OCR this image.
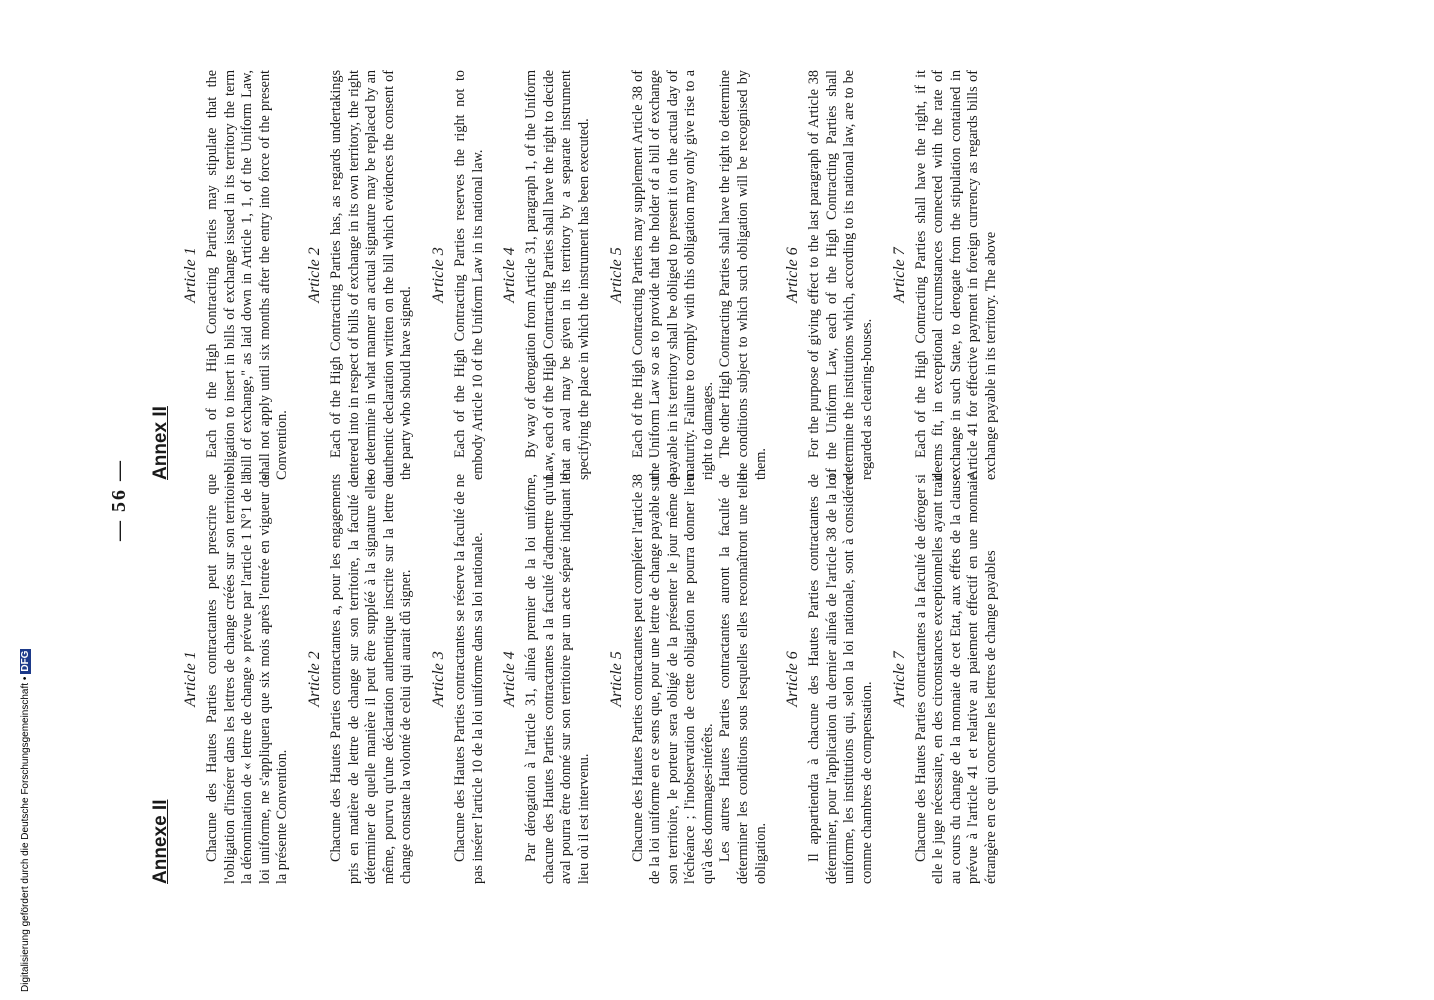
Digitalisierung gefördert durch die Deutsche Forschungsgemeinschaft •DFG
— 56 —
Annexe II
Article 1 Chacune des Hautes Parties contractantes peut prescrire que l'obligation d'insérer dans les lettres de change créées sur son territoire la dénomination de « lettre de change » prévue par l'article 1 N°1 de la loi uniforme, ne s'appliquera que six mois après l'entrée en vigueur de la présente Convention.

Article 2 Chacune des Hautes Parties contractantes a, pour les engagements pris en matière de lettre de change sur son territoire, la faculté de déterminer de quelle manière il peut être suppléé à la signature elle-même, pourvu qu'une déclaration authentique inscrite sur la lettre de change constate la volonté de celui qui aurait dû signer. Article 3 Chacune des Hautes Parties contractantes se réserve la faculté de ne pas insérer l'article 10 de la loi uniforme dans sa loi nationale. Article 4 Par dérogation à l'article 31, alinéa premier de la loi uniforme, chacune des Hautes Parties contractantes a la faculté d'admettre qu'un aval pourra être donné sur son territoire par un acte séparé indiquant le lieu où il est intervenu.

Article 5 Chacune des Hautes Parties contractantes peut compléter l'article 38 de la loi uniforme en ce sens que, pour une lettre de change payable sur son territoire, le porteur sera obligé de la présenter le jour même de l'échéance ; l'inobservation de cette obligation ne pourra donner lieu qu'à des dommages-intérêts. Les autres Hautes Parties contractantes auront la faculté de déterminer les conditions sous lesquelles elles reconnaîtront une telle obligation.

Article 6 Il appartiendra à chacune des Hautes Parties contractantes de déterminer, pour l'application du dernier alinéa de l'article 38 de la loi uniforme, les institutions qui, selon la loi nationale, sont à considérer comme chambres de compensation.

Article 7 Chacune des Hautes Parties contractantes a la faculté de déroger si elle le juge nécessaire, en des circonstances exceptionnelles ayant trait au cours du change de la monnaie de cet Etat, aux effets de la clause prévue à l'article 41 et relative au paiement effectif en une monnaie étrangère en ce qui concerne les lettres de change payables

Annex II
Article 1 Each of the High Contracting Parties may stipulate that the obligation to insert in bills of exchange issued in its territory the term "bill of exchange," as laid down in Article 1, 1, of the Uniform Law, shall not apply until six months after the entry into force of the present Convention.

Article 2 Each of the High Contracting Parties has, as regards undertakings entered into in respect of bills of exchange in its own territory, the right to determine in what manner an actual signature may be replaced by an authentic declaration written on the bill which evidences the consent of the party who should have signed.

Article 3 Each of the High Contracting Parties reserves the right not to embody Article 10 of the Uniform Law in its national law. Article 4 By way of derogation from Article 31, paragraph 1, of the Uniform Law, each of the High Contracting Parties shall have the right to decide that an aval may be given in its territory by a separate instrument specifying the place in which the instrument has been executed. Article 5 Each of the High Contracting Parties may supplement Article 38 of the Uniform Law so as to provide that the holder of a bill of exchange payable in its territory shall be obliged to present it on the actual day of maturity. Failure to comply with this obligation may only give rise to a right to damages. The other High Contracting Parties shall have the right to determine the conditions subject to which such obligation will be recognised by them.

Article 6 For the purpose of giving effect to the last paragraph of Article 38 of the Uniform Law, each of the High Contracting Parties shall determine the institutions which, according to its national law, are to be regarded as clearing-houses.

Article 7 Each of the High Contracting Parties shall have the right, if it deems fit, in exceptional circumstances connected with the rate of exchange in such State, to derogate from the stipulation contained in Article 41 for effective payment in foreign currency as regards bills of exchange payable in its territory. The above
